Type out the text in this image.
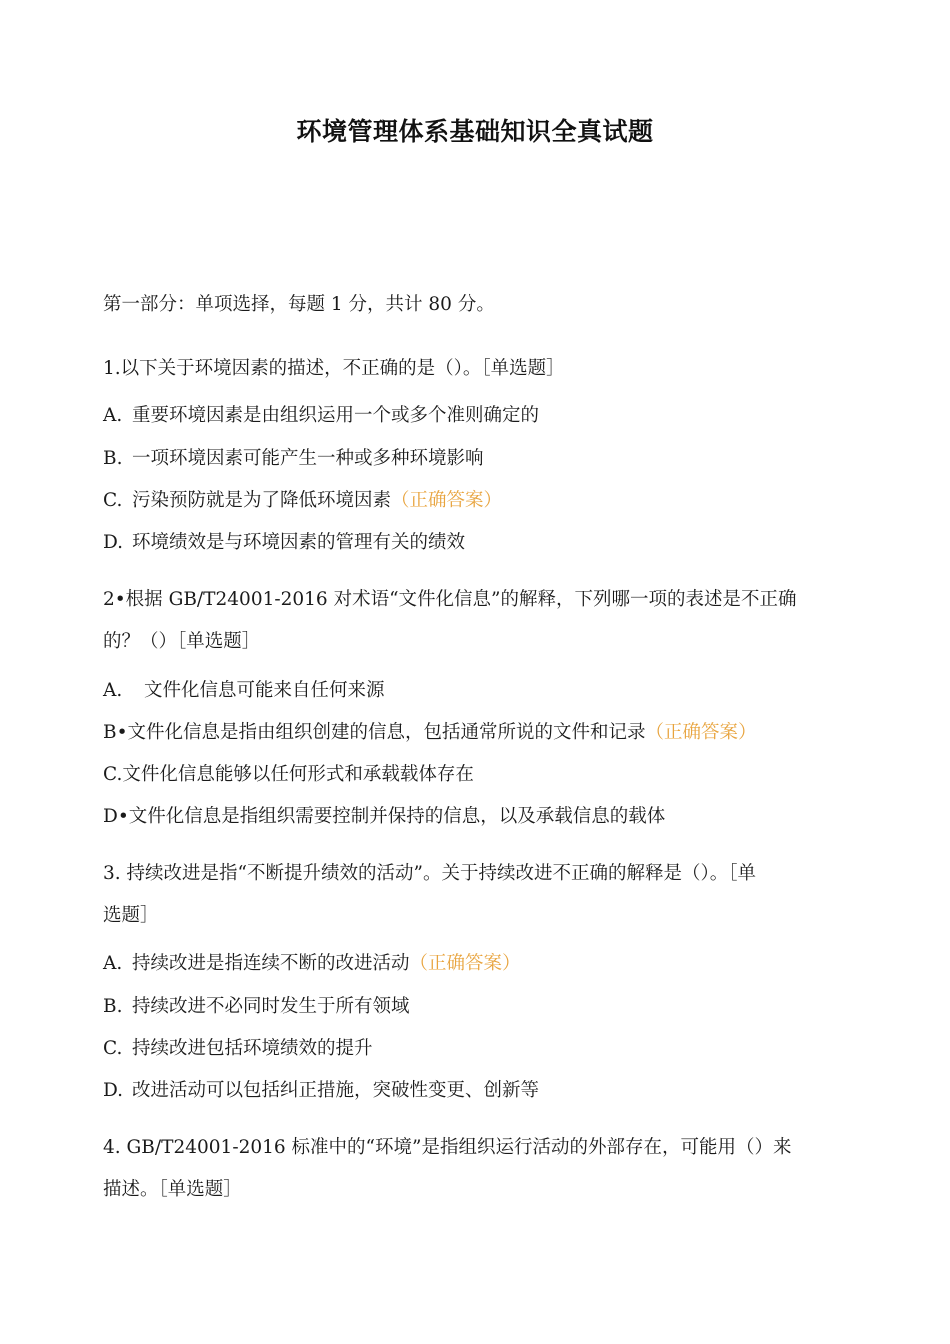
环境管理体系基础知识全真试题
第一部分：单项选择，每题 1 分，共计 80 分。
1.以下关于环境因素的描述，不正确的是（）。［单选题］
A. 重要环境因素是由组织运用一个或多个准则确定的
B. 一项环境因素可能产生一种或多种环境影响
C. 污染预防就是为了降低环境因素（正确答案）
D. 环境绩效是与环境因素的管理有关的绩效
2•根据 GB/T24001-2016 对术语“文件化信息”的解释，下列哪一项的表述是不正确
的？（）［单选题］
A. 文件化信息可能来自任何来源
B•文件化信息是指由组织创建的信息，包括通常所说的文件和记录（正确答案）
C.文件化信息能够以任何形式和承载载体存在
D•文件化信息是指组织需要控制并保持的信息，以及承载信息的载体
3. 持续改进是指“不断提升绩效的活动”。关于持续改进不正确的解释是（）。［单
选题］
A. 持续改进是指连续不断的改进活动（正确答案）
B. 持续改进不必同时发生于所有领域
C. 持续改进包括环境绩效的提升
D. 改进活动可以包括纠正措施，突破性变更、创新等
4. GB/T24001-2016 标准中的“环境”是指组织运行活动的外部存在，可能用（）来
描述。［单选题］
